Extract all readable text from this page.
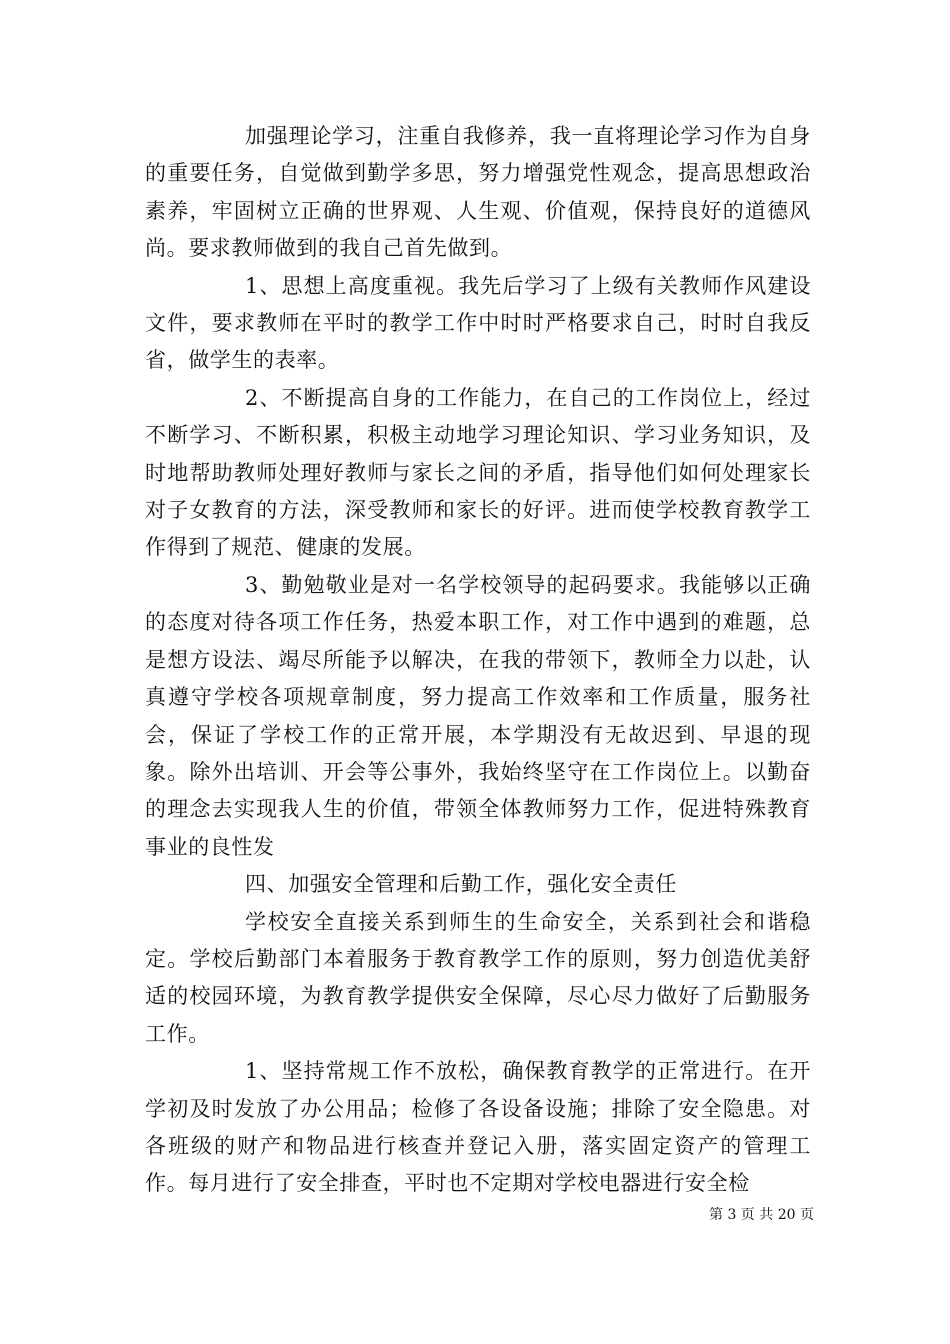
加强理论学习，注重自我修养，我一直将理论学习作为自身的重要任务，自觉做到勤学多思，努力增强党性观念，提高思想政治素养，牢固树立正确的世界观、人生观、价值观，保持良好的道德风尚。要求教师做到的我自己首先做到。

1、思想上高度重视。我先后学习了上级有关教师作风建设文件，要求教师在平时的教学工作中时时严格要求自己，时时自我反省，做学生的表率。

2、不断提高自身的工作能力，在自己的工作岗位上，经过不断学习、不断积累，积极主动地学习理论知识、学习业务知识，及时地帮助教师处理好教师与家长之间的矛盾，指导他们如何处理家长对子女教育的方法，深受教师和家长的好评。进而使学校教育教学工作得到了规范、健康的发展。

3、勤勉敬业是对一名学校领导的起码要求。我能够以正确的态度对待各项工作任务，热爱本职工作，对工作中遇到的难题，总是想方设法、竭尽所能予以解决，在我的带领下，教师全力以赴，认真遵守学校各项规章制度，努力提高工作效率和工作质量，服务社会，保证了学校工作的正常开展，本学期没有无故迟到、早退的现象。除外出培训、开会等公事外，我始终坚守在工作岗位上。以勤奋的理念去实现我人生的价值，带领全体教师努力工作，促进特殊教育事业的良性发

四、加强安全管理和后勤工作，强化安全责任

学校安全直接关系到师生的生命安全，关系到社会和谐稳定。学校后勤部门本着服务于教育教学工作的原则，努力创造优美舒适的校园环境，为教育教学提供安全保障，尽心尽力做好了后勤服务工作。

1、坚持常规工作不放松，确保教育教学的正常进行。在开学初及时发放了办公用品；检修了各设备设施；排除了安全隐患。对各班级的财产和物品进行核查并登记入册，落实固定资产的管理工作。每月进行了安全排查，平时也不定期对学校电器进行安全检

第 3 页 共 20 页
